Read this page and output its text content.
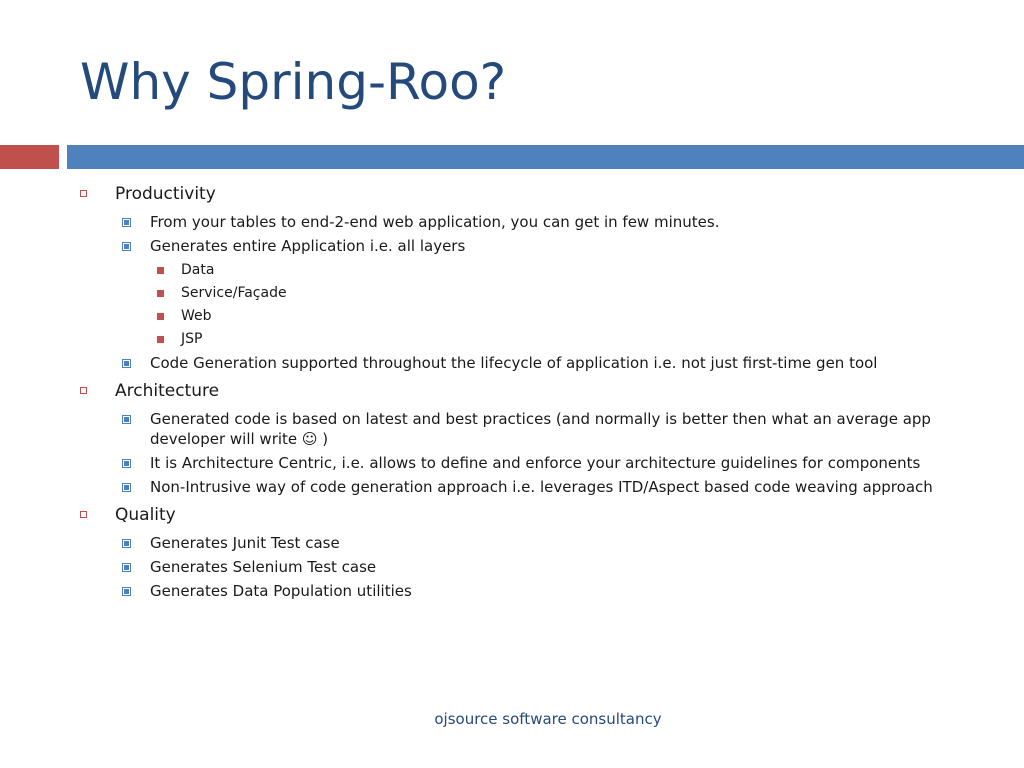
Why Spring-Roo?
Productivity
From your tables to end-2-end web application, you can get in few minutes.
Generates entire Application i.e. all layers
Data
Service/Façade
Web
JSP
Code Generation supported throughout the lifecycle of application i.e. not just first-time gen tool
Architecture
Generated code is based on latest and best practices (and normally is better then what an average app developer will write ☺ )
It is Architecture Centric, i.e. allows to define and enforce your architecture guidelines for components
Non-Intrusive way of code generation approach i.e. leverages ITD/Aspect based code weaving approach
Quality
Generates Junit Test case
Generates Selenium Test case
Generates Data Population utilities

ojsource software consultancy
